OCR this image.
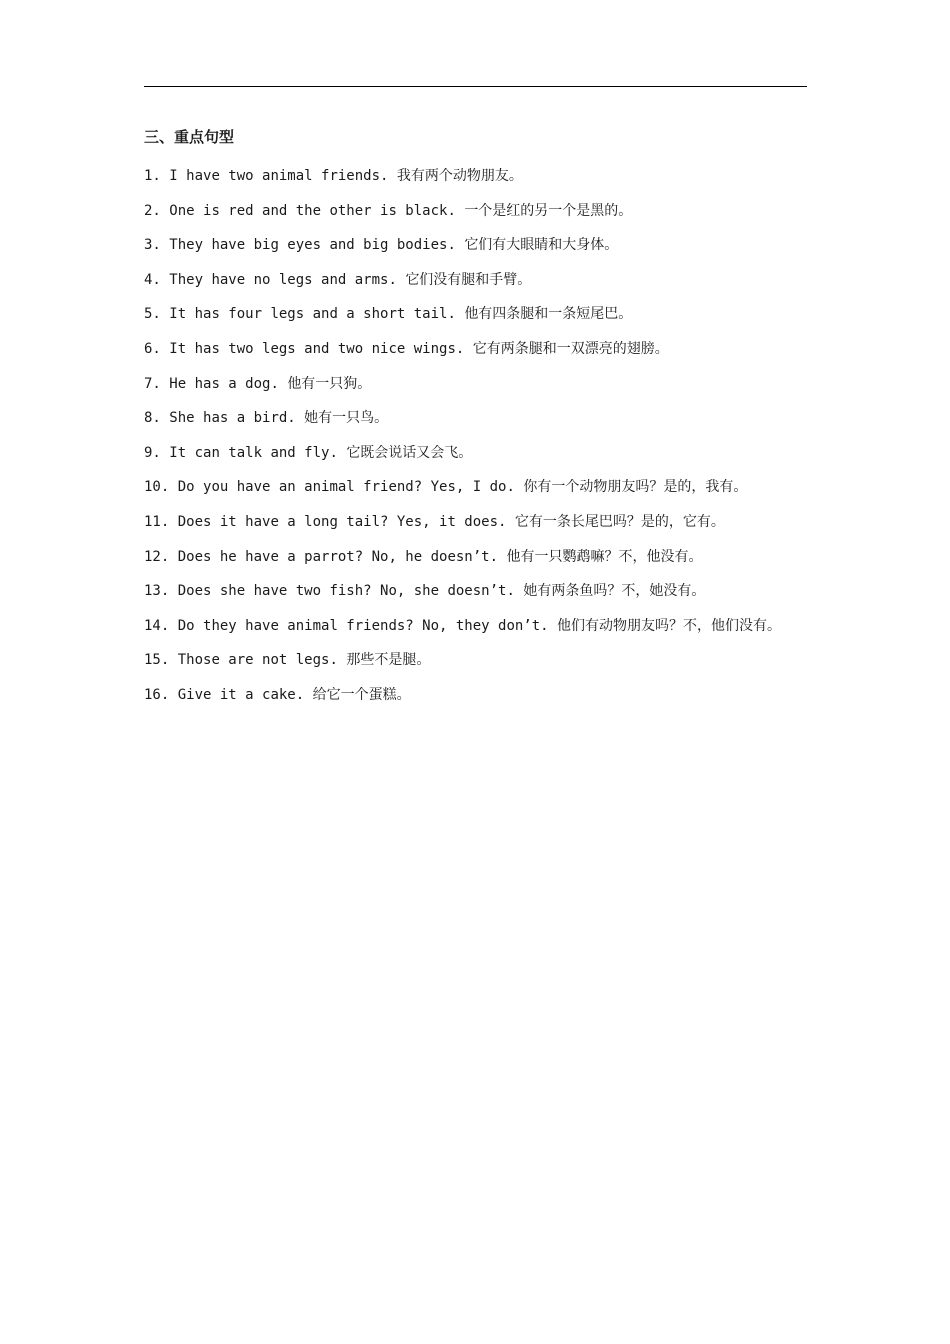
三、重点句型
1. I have two animal friends. 我有两个动物朋友。
2. One is red and the other is black. 一个是红的另一个是黑的。
3. They have big eyes and big bodies. 它们有大眼睛和大身体。
4. They have no legs and arms. 它们没有腿和手臂。
5. It has four legs and a short tail. 他有四条腿和一条短尾巴。
6. It has two legs and two nice wings. 它有两条腿和一双漂亮的翅膀。
7. He has a dog. 他有一只狗。
8. She has a bird. 她有一只鸟。
9. It can talk and fly. 它既会说话又会飞。
10. Do you have an animal friend? Yes, I do. 你有一个动物朋友吗？是的，我有。
11. Does it have a long tail? Yes, it does. 它有一条长尾巴吗？是的，它有。
12. Does he have a parrot? No, he doesn’t. 他有一只鹦鹉嘛？不，他没有。
13. Does she have two fish? No, she doesn’t. 她有两条鱼吗？不，她没有。
14. Do they have animal friends? No, they don’t. 他们有动物朋友吗？不，他们没有。
15. Those are not legs. 那些不是腿。
16. Give it a cake. 给它一个蛋糕。
